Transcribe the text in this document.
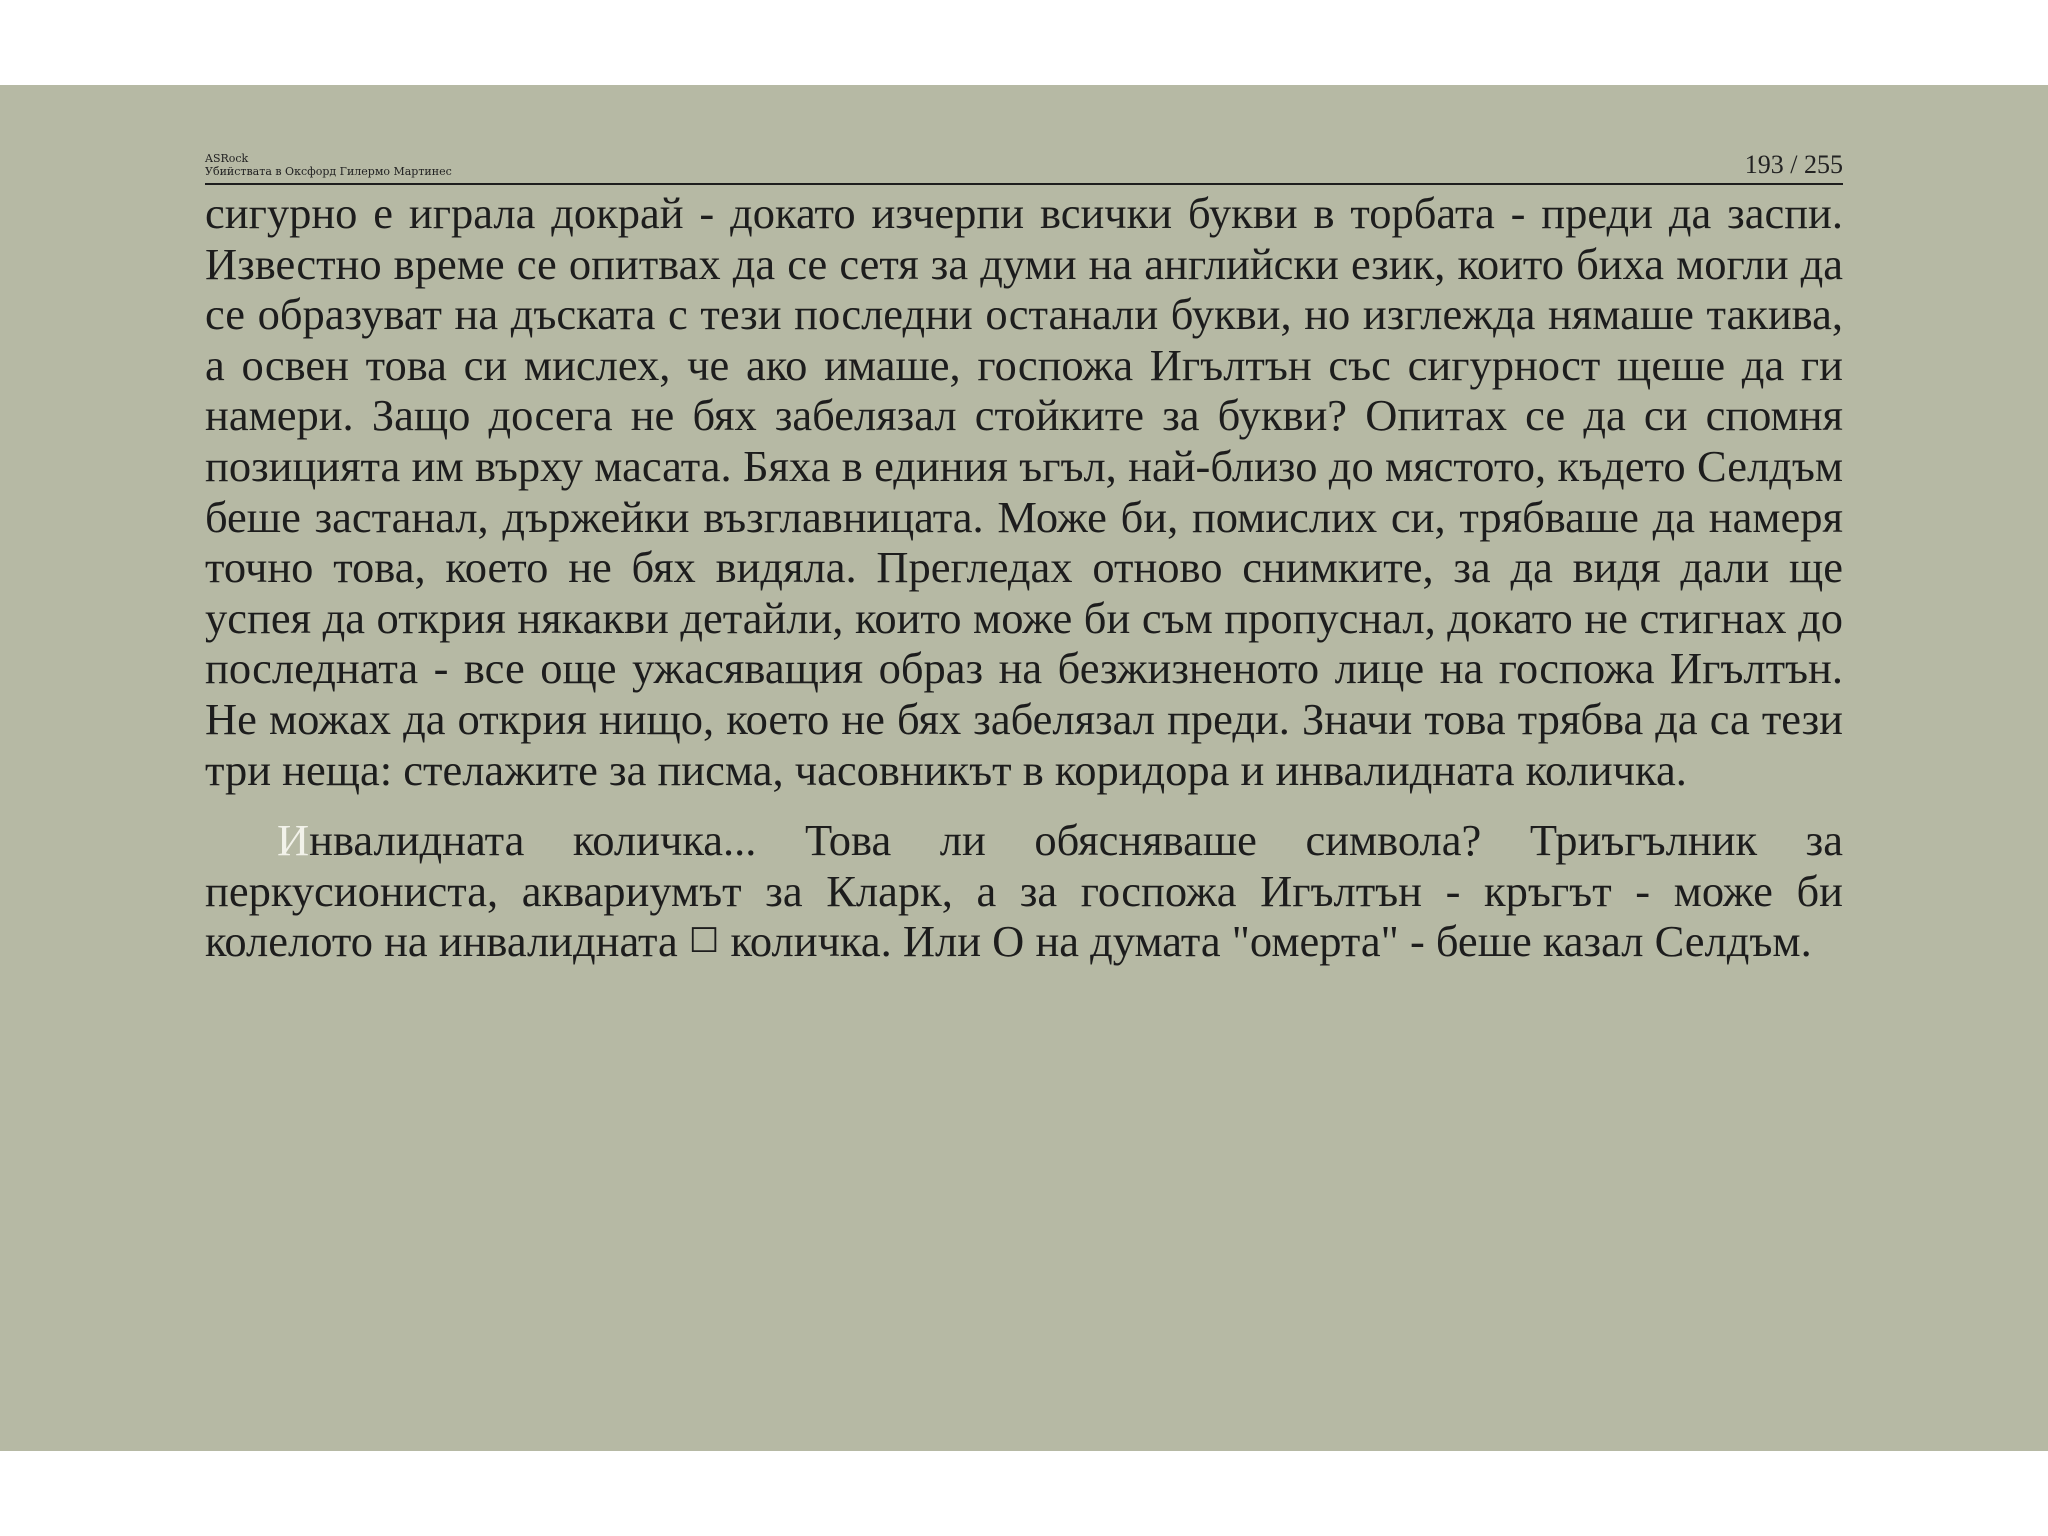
ASRock
Убийствата в Оксфорд Гилермо Мартинес	193 / 255

сигурно е играла докрай - докато изчерпи всички букви в торбата - преди да заспи. Известно време се опитвах да се сетя за думи на английски език, които биха могли да се образуват на дъската с тези последни останали букви, но изглежда нямаше такива, а освен това си мислех, че ако имаше, госпожа Игълтън със сигурност щеше да ги намери. Защо досега не бях забелязал стойките за букви? Опитах се да си спомня позицията им върху масата. Бяха в единия ъгъл, най-близо до мястото, където Селдъм беше застанал, държейки възглавницата. Може би, помислих си, трябваше да намеря точно това, което не бях видяла. Прегледах отново снимките, за да видя дали ще успея да открия някакви детайли, които може би съм пропуснал, докато не стигнах до последната - все още ужасяващия образ на безжизненото лице на госпожа Игълтън. Не можах да открия нищо, което не бях забелязал преди. Значи това трябва да са тези три неща: стелажите за писма, часовникът в коридора и инвалидната количка.

Инвалидната количка... Това ли обясняваше символа? Триъгълник за перкусиониста, аквариумът за Кларк, а за госпожа Игълтън - кръгът - може би колелото на инвалидната ☐ количка. Или О на думата "омерта" - беше казал Селдъм.
